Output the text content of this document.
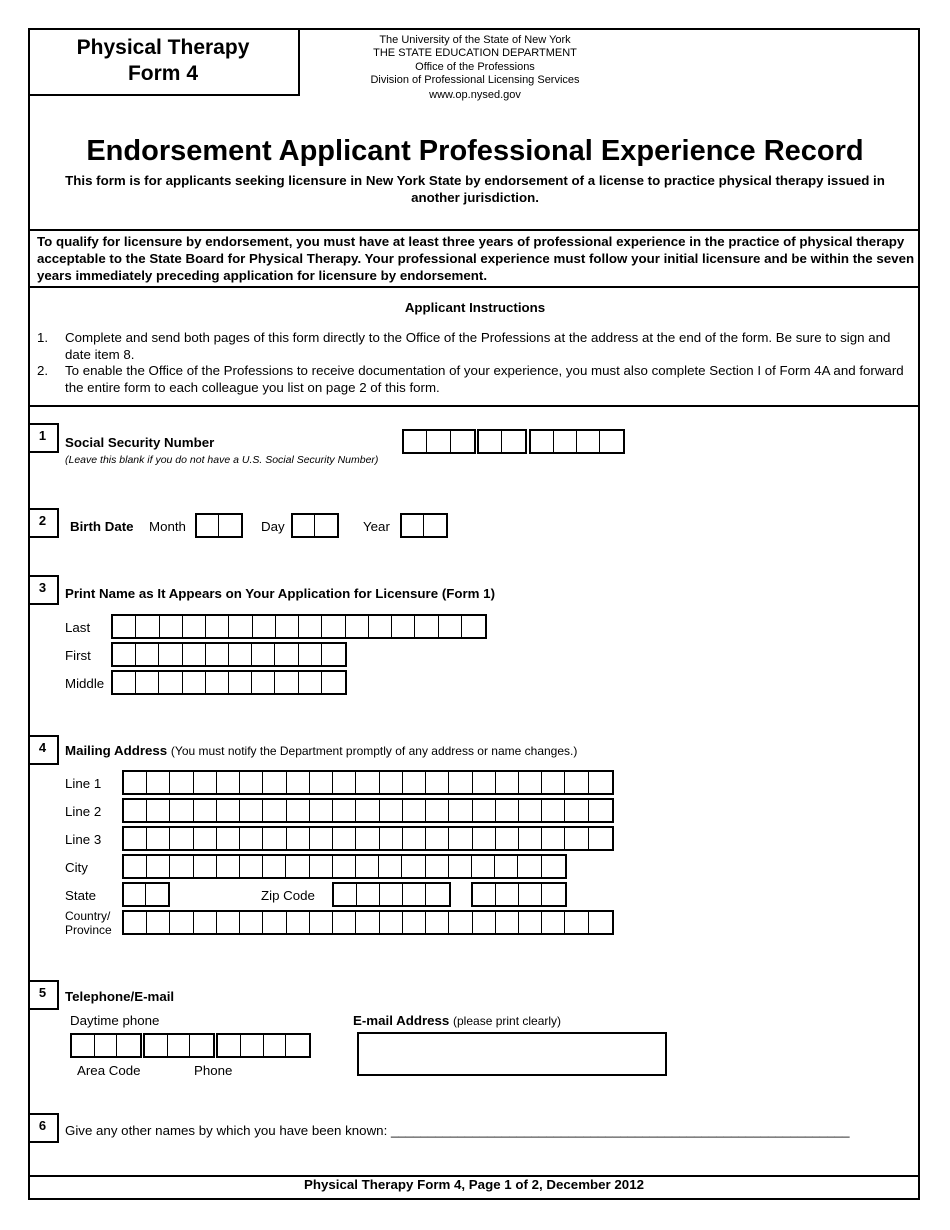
Physical Therapy
Form 4
The University of the State of New York
THE STATE EDUCATION DEPARTMENT
Office of the Professions
Division of Professional Licensing Services
www.op.nysed.gov
Endorsement Applicant Professional Experience Record
This form is for applicants seeking licensure in New York State by endorsement of a license to practice physical therapy issued in another jurisdiction.
To qualify for licensure by endorsement, you must have at least three years of professional experience in the practice of physical therapy acceptable to the State Board for Physical Therapy. Your professional experience must follow your initial licensure and be within the seven years immediately preceding application for licensure by endorsement.
Applicant Instructions
1. Complete and send both pages of this form directly to the Office of the Professions at the address at the end of the form. Be sure to sign and date item 8.
2. To enable the Office of the Professions to receive documentation of your experience, you must also complete Section I of Form 4A and forward the entire form to each colleague you list on page 2 of this form.
1	Social Security Number
(Leave this blank if you do not have a U.S. Social Security Number)
2	Birth Date Month	Day	Year
3	Print Name as It Appears on Your Application for Licensure (Form 1)
Last
First
Middle
4	Mailing Address (You must notify the Department promptly of any address or name changes.)
Line 1
Line 2
Line 3
City
State	Zip Code
Country/
Province
5	Telephone/E-mail
Daytime phone
Area Code	Phone
E-mail Address (please print clearly)
6	Give any other names by which you have been known: ______________________________________________________________
Physical Therapy Form 4, Page 1 of 2, December 2012
